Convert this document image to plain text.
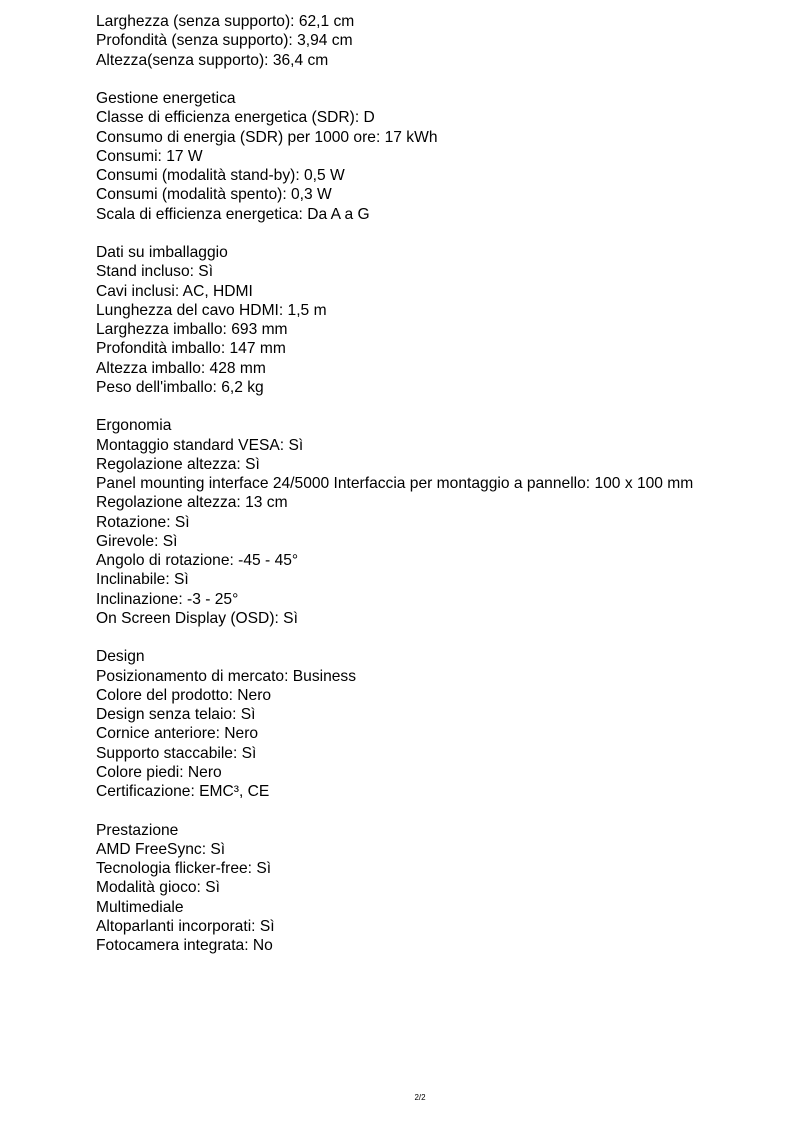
Larghezza (senza supporto): 62,1 cm
Profondità (senza supporto): 3,94 cm
Altezza(senza supporto): 36,4 cm
Gestione energetica
Classe di efficienza energetica (SDR): D
Consumo di energia (SDR) per 1000 ore: 17 kWh
Consumi: 17 W
Consumi (modalità stand-by): 0,5 W
Consumi (modalità spento): 0,3 W
Scala di efficienza energetica: Da A a G
Dati su imballaggio
Stand incluso: Sì
Cavi inclusi: AC, HDMI
Lunghezza del cavo HDMI: 1,5 m
Larghezza imballo: 693 mm
Profondità imballo: 147 mm
Altezza imballo: 428 mm
Peso dell'imballo: 6,2 kg
Ergonomia
Montaggio standard VESA: Sì
Regolazione altezza: Sì
Panel mounting interface 24/5000 Interfaccia per montaggio a pannello: 100 x 100 mm
Regolazione altezza: 13 cm
Rotazione: Sì
Girevole: Sì
Angolo di rotazione: -45 - 45°
Inclinabile: Sì
Inclinazione: -3 - 25°
On Screen Display (OSD): Sì
Design
Posizionamento di mercato: Business
Colore del prodotto: Nero
Design senza telaio: Sì
Cornice anteriore: Nero
Supporto staccabile: Sì
Colore piedi: Nero
Certificazione: EMC³, CE
Prestazione
AMD FreeSync: Sì
Tecnologia flicker-free: Sì
Modalità gioco: Sì
Multimediale
Altoparlanti incorporati: Sì
Fotocamera integrata: No
2/2
